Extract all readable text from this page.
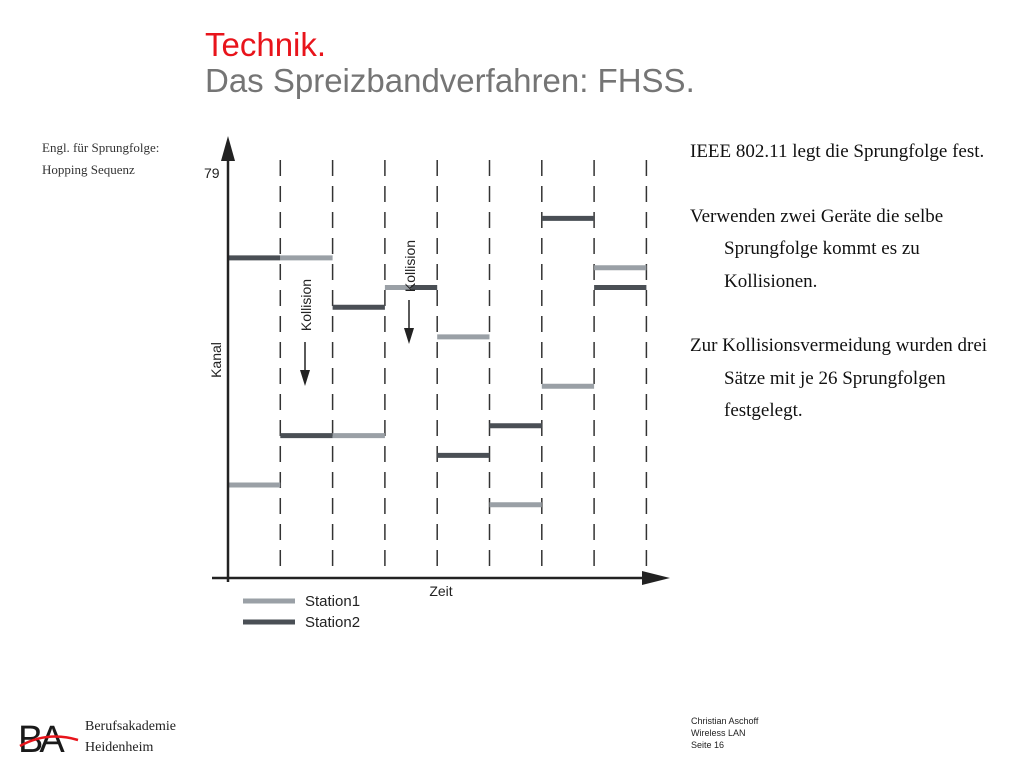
Technik.
Das Spreizbandverfahren: FHSS.
Engl. für Sprungfolge:
Hopping Sequenz	79
Kanal
Zeit
Kollision
Kollision
Station1
Station2

IEEE 802.11 legt die Sprungfolge fest.

Verwenden zwei Geräte die selbe Sprungfolge kommt es zu Kollisionen.

Zur Kollisionsvermeidung wurden drei Sätze mit je 26 Sprungfolgen festgelegt.

BA	Berufsakademie
Heidenheim
Christian Aschoff
Wireless LAN
Seite 16
